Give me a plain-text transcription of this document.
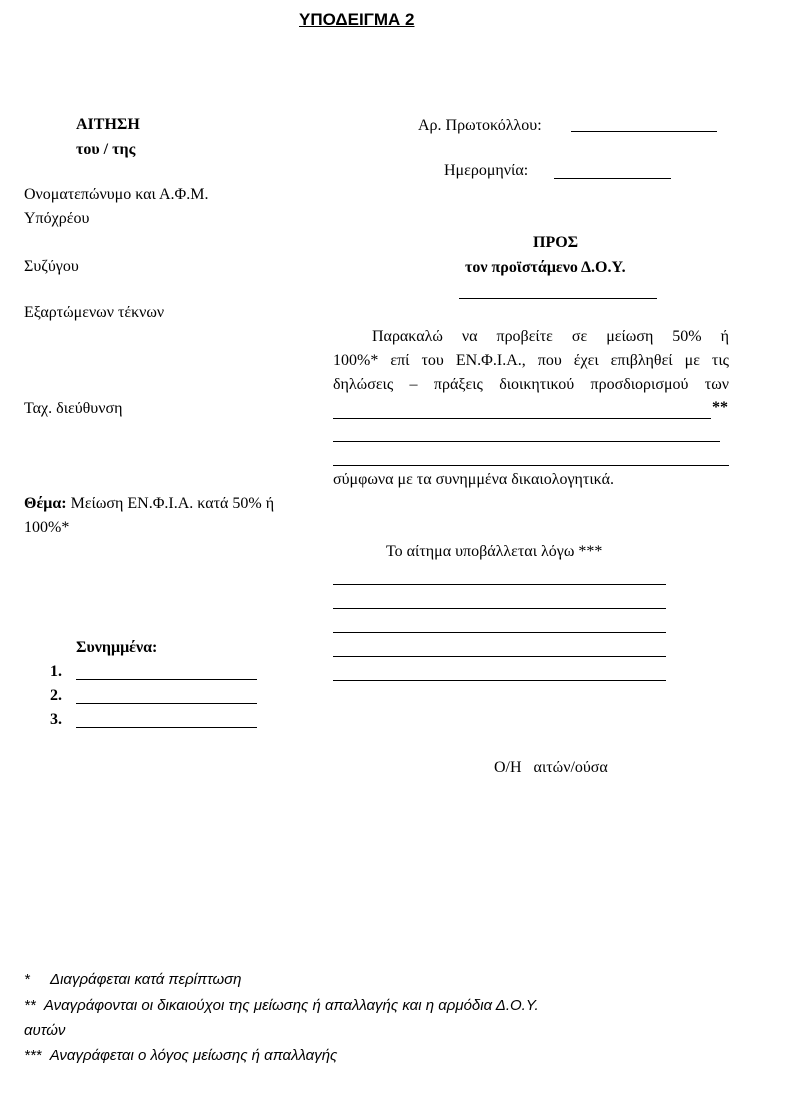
ΥΠΟΔΕΙΓΜΑ 2
ΑΙΤΗΣΗ
του / της
Ονοματεπώνυμο και Α.Φ.Μ.
Υπόχρέου
Συζύγου
Εξαρτώμενων τέκνων
Ταχ. διεύθυνση
Θέμα: Μείωση ΕΝ.Φ.Ι.Α. κατά 50% ή
100%*
Συνημμένα:
1.
2.
3.
Αρ. Πρωτοκόλλου:
Ημερομηνία:
ΠΡΟΣ
τον προϊστάμενο Δ.Ο.Υ.
Παρακαλώ να προβείτε σε μείωση 50% ή
100%* επί του ΕΝ.Φ.Ι.Α., που έχει επιβληθεί με τις
δηλώσεις – πράξεις διοικητικού προσδιορισμού των
**
σύμφωνα με τα συνημμένα δικαιολογητικά.
Το αίτημα υποβάλλεται λόγω ***
Ο/Η   αιτών/ούσα
* Διαγράφεται κατά περίπτωση
** Αναγράφονται οι δικαιούχοι της μείωσης ή απαλλαγής και η αρμόδια Δ.Ο.Υ.
αυτών
*** Αναγράφεται ο λόγος μείωσης ή απαλλαγής
